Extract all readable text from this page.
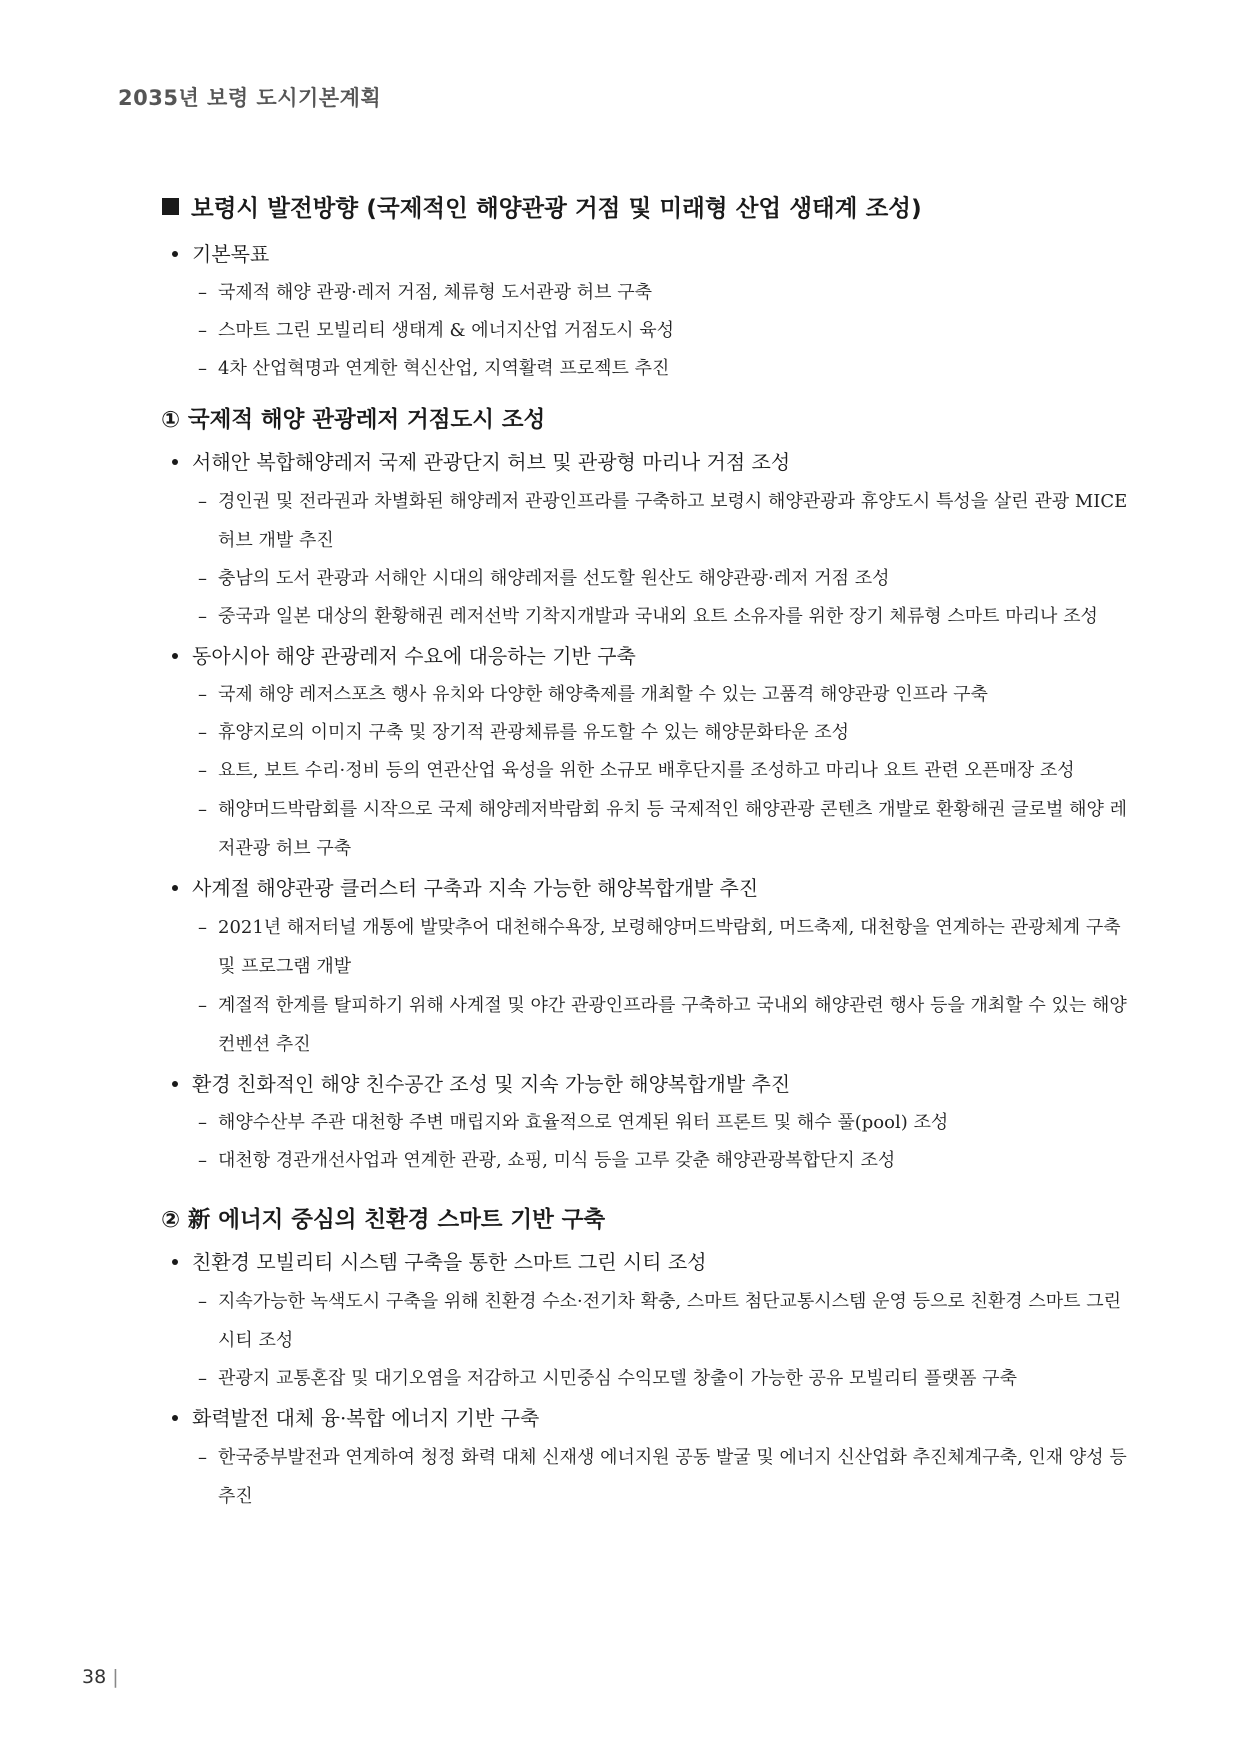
2035년 보령 도시기본계획
보령시 발전방향 (국제적인 해양관광 거점 및 미래형 산업 생태계 조성)
기본목표
– 국제적 해양 관광·레저 거점, 체류형 도서관광 허브 구축
– 스마트 그린 모빌리티 생태계 & 에너지산업 거점도시 육성
– 4차 산업혁명과 연계한 혁신산업, 지역활력 프로젝트 추진
① 국제적 해양 관광레저 거점도시 조성
서해안 복합해양레저 국제 관광단지 허브 및 관광형 마리나 거점 조성
– 경인권 및 전라권과 차별화된 해양레저 관광인프라를 구축하고 보령시 해양관광과 휴양도시 특성을 살린 관광 MICE 허브 개발 추진
– 충남의 도서 관광과 서해안 시대의 해양레저를 선도할 원산도 해양관광·레저 거점 조성
– 중국과 일본 대상의 환황해권 레저선박 기착지개발과 국내외 요트 소유자를 위한 장기 체류형 스마트 마리나 조성
동아시아 해양 관광레저 수요에 대응하는 기반 구축
– 국제 해양 레저스포츠 행사 유치와 다양한 해양축제를 개최할 수 있는 고품격 해양관광 인프라 구축
– 휴양지로의 이미지 구축 및 장기적 관광체류를 유도할 수 있는 해양문화타운 조성
– 요트, 보트 수리·정비 등의 연관산업 육성을 위한 소규모 배후단지를 조성하고 마리나 요트 관련 오픈매장 조성
– 해양머드박람회를 시작으로 국제 해양레저박람회 유치 등 국제적인 해양관광 콘텐츠 개발로 환황해권 글로벌 해양 레저관광 허브 구축
사계절 해양관광 클러스터 구축과 지속 가능한 해양복합개발 추진
– 2021년 해저터널 개통에 발맞추어 대천해수욕장, 보령해양머드박람회, 머드축제, 대천항을 연계하는 관광체계 구축 및 프로그램 개발
– 계절적 한계를 탈피하기 위해 사계절 및 야간 관광인프라를 구축하고 국내외 해양관련 행사 등을 개최할 수 있는 해양컨벤션 추진
환경 친화적인 해양 친수공간 조성 및 지속 가능한 해양복합개발 추진
– 해양수산부 주관 대천항 주변 매립지와 효율적으로 연계된 워터 프론트 및 해수 풀(pool) 조성
– 대천항 경관개선사업과 연계한 관광, 쇼핑, 미식 등을 고루 갖춘 해양관광복합단지 조성
② 新 에너지 중심의 친환경 스마트 기반 구축
친환경 모빌리티 시스템 구축을 통한 스마트 그린 시티 조성
– 지속가능한 녹색도시 구축을 위해 친환경 수소·전기차 확충, 스마트 첨단교통시스템 운영 등으로 친환경 스마트 그린시티 조성
– 관광지 교통혼잡 및 대기오염을 저감하고 시민중심 수익모델 창출이 가능한 공유 모빌리티 플랫폼 구축
화력발전 대체 융·복합 에너지 기반 구축
– 한국중부발전과 연계하여 청정 화력 대체 신재생 에너지원 공동 발굴 및 에너지 신산업화 추진체계구축, 인재 양성 등 추진
38 |
